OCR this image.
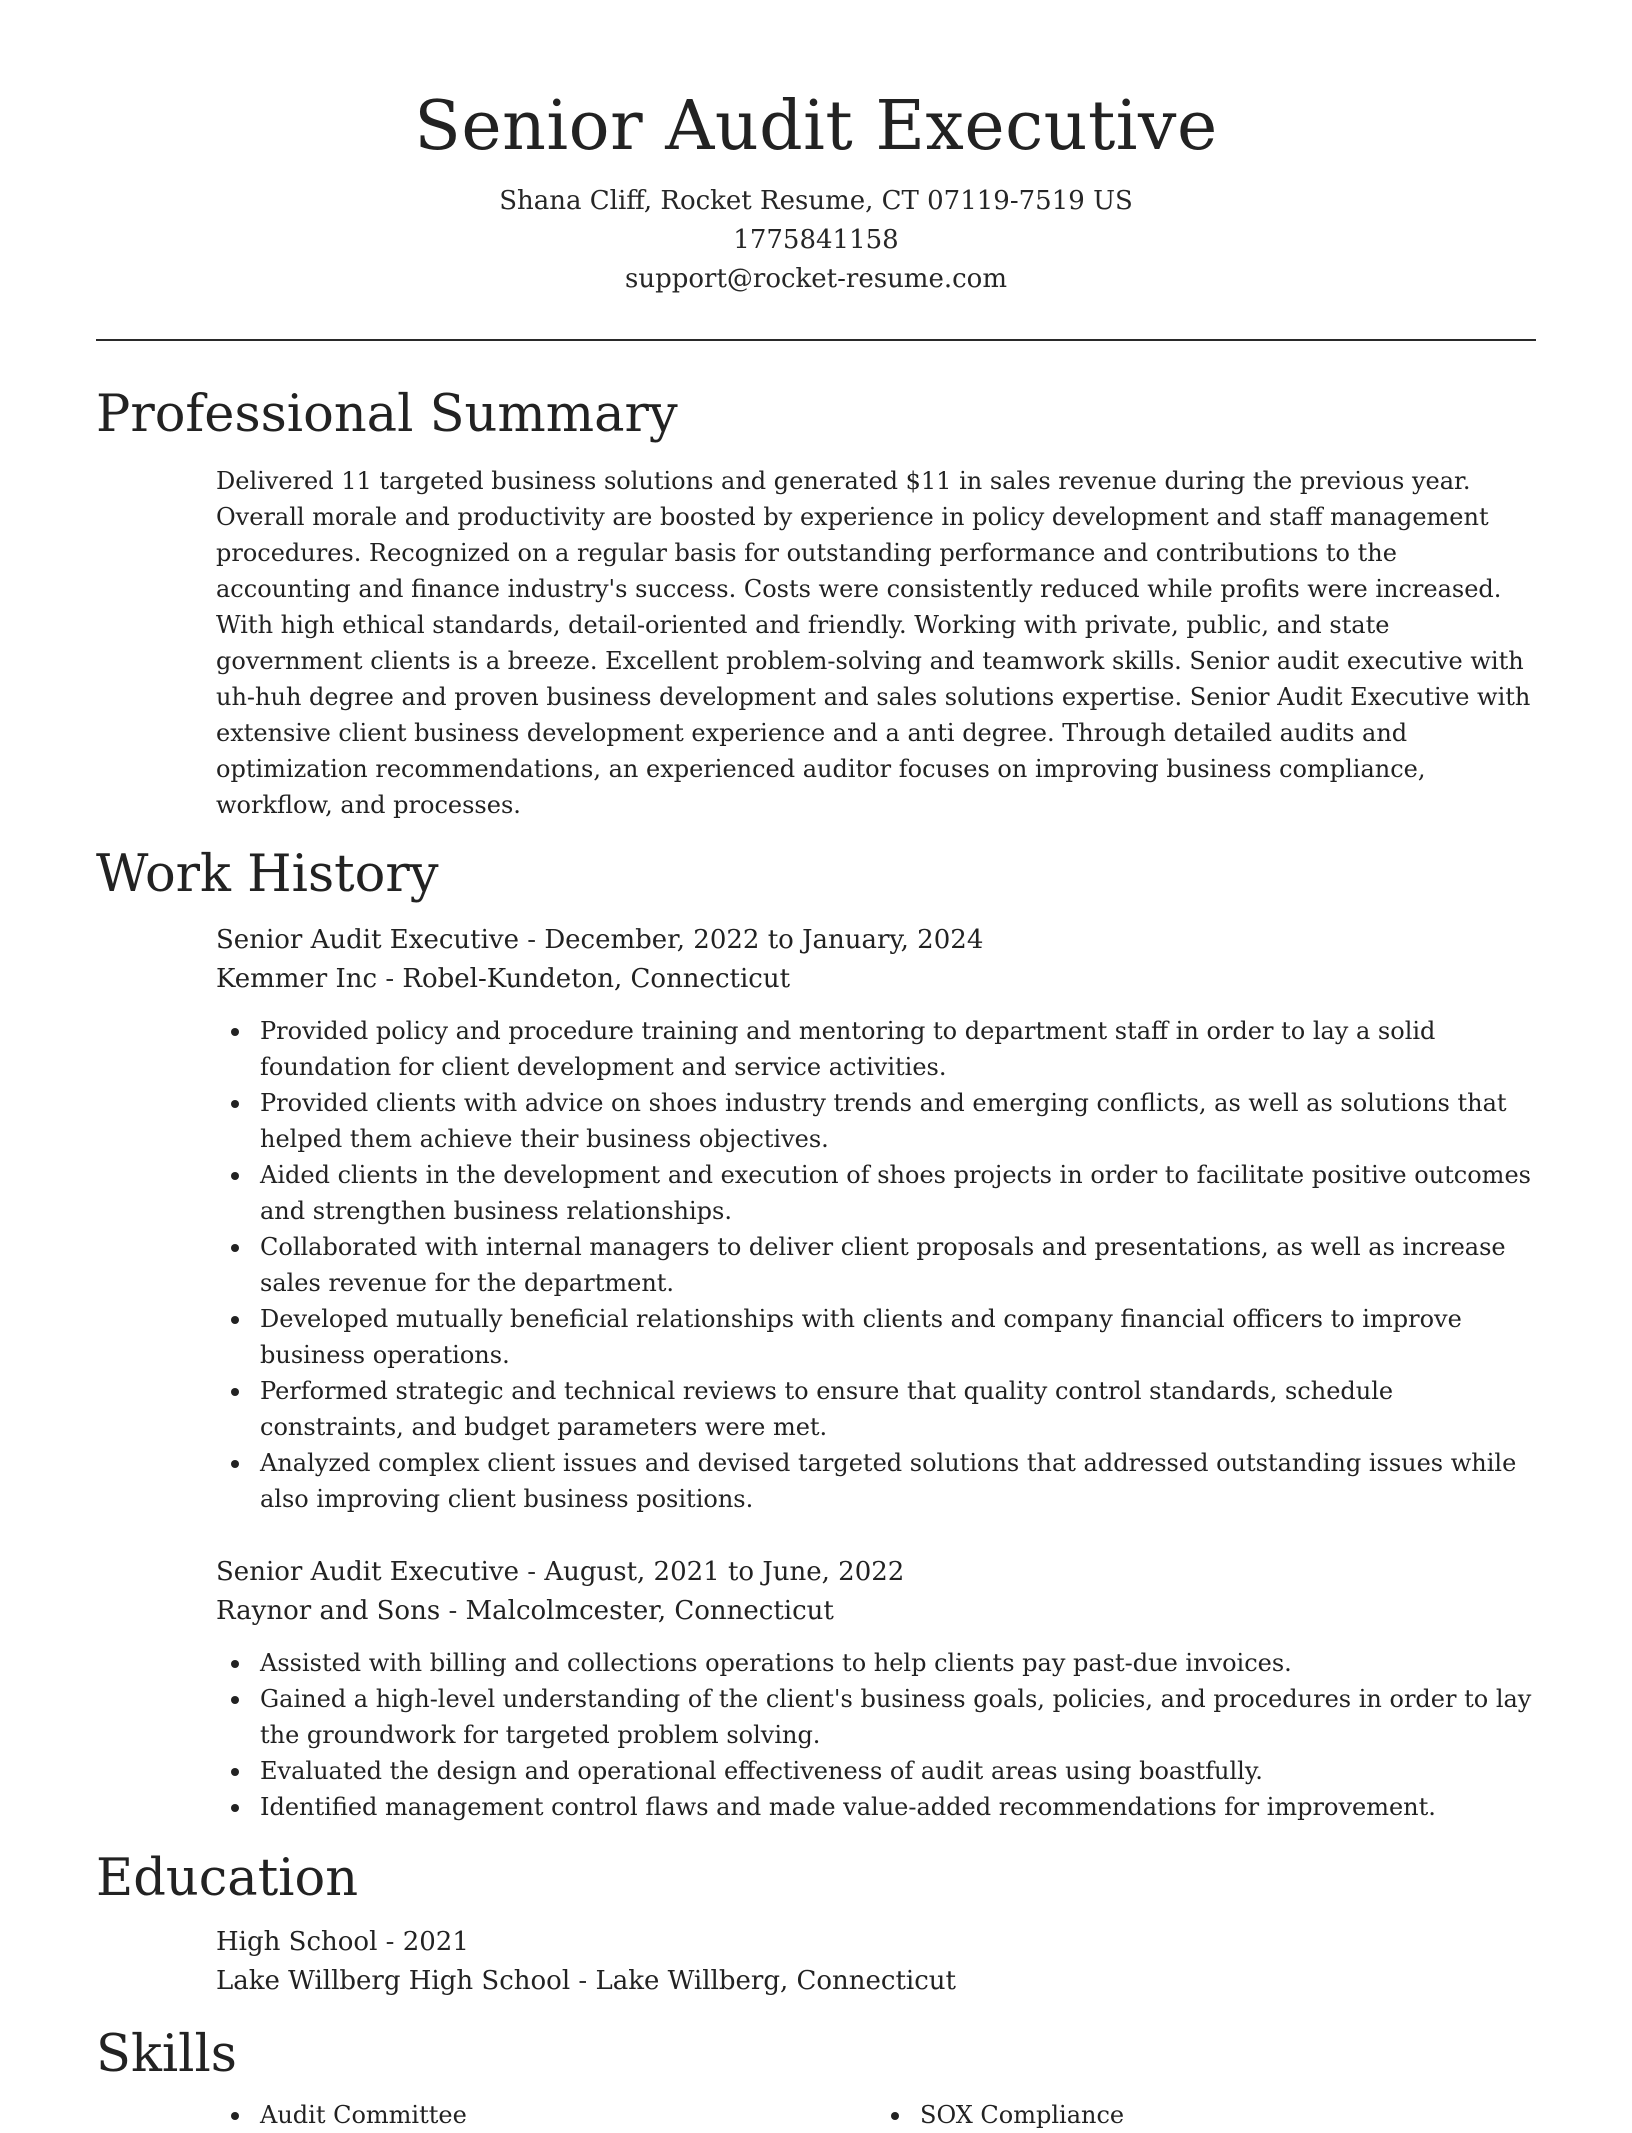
Senior Audit Executive
Shana Cliff, Rocket Resume, CT 07119-7519 US
1775841158
support@rocket-resume.com
Professional Summary
Delivered 11 targeted business solutions and generated $11 in sales revenue during the previous year. Overall morale and productivity are boosted by experience in policy development and staff management procedures. Recognized on a regular basis for outstanding performance and contributions to the accounting and finance industry's success. Costs were consistently reduced while profits were increased. With high ethical standards, detail-oriented and friendly. Working with private, public, and state government clients is a breeze. Excellent problem-solving and teamwork skills. Senior audit executive with uh-huh degree and proven business development and sales solutions expertise. Senior Audit Executive with extensive client business development experience and a anti degree. Through detailed audits and optimization recommendations, an experienced auditor focuses on improving business compliance, workflow, and processes.
Work History
Senior Audit Executive - December, 2022 to January, 2024
Kemmer Inc - Robel-Kundeton, Connecticut
Provided policy and procedure training and mentoring to department staff in order to lay a solid foundation for client development and service activities.
Provided clients with advice on shoes industry trends and emerging conflicts, as well as solutions that helped them achieve their business objectives.
Aided clients in the development and execution of shoes projects in order to facilitate positive outcomes and strengthen business relationships.
Collaborated with internal managers to deliver client proposals and presentations, as well as increase sales revenue for the department.
Developed mutually beneficial relationships with clients and company financial officers to improve business operations.
Performed strategic and technical reviews to ensure that quality control standards, schedule constraints, and budget parameters were met.
Analyzed complex client issues and devised targeted solutions that addressed outstanding issues while also improving client business positions.
Senior Audit Executive - August, 2021 to June, 2022
Raynor and Sons - Malcolmcester, Connecticut
Assisted with billing and collections operations to help clients pay past-due invoices.
Gained a high-level understanding of the client's business goals, policies, and procedures in order to lay the groundwork for targeted problem solving.
Evaluated the design and operational effectiveness of audit areas using boastfully.
Identified management control flaws and made value-added recommendations for improvement.
Education
High School - 2021
Lake Willberg High School - Lake Willberg, Connecticut
Skills
Audit Committee	SOX Compliance
